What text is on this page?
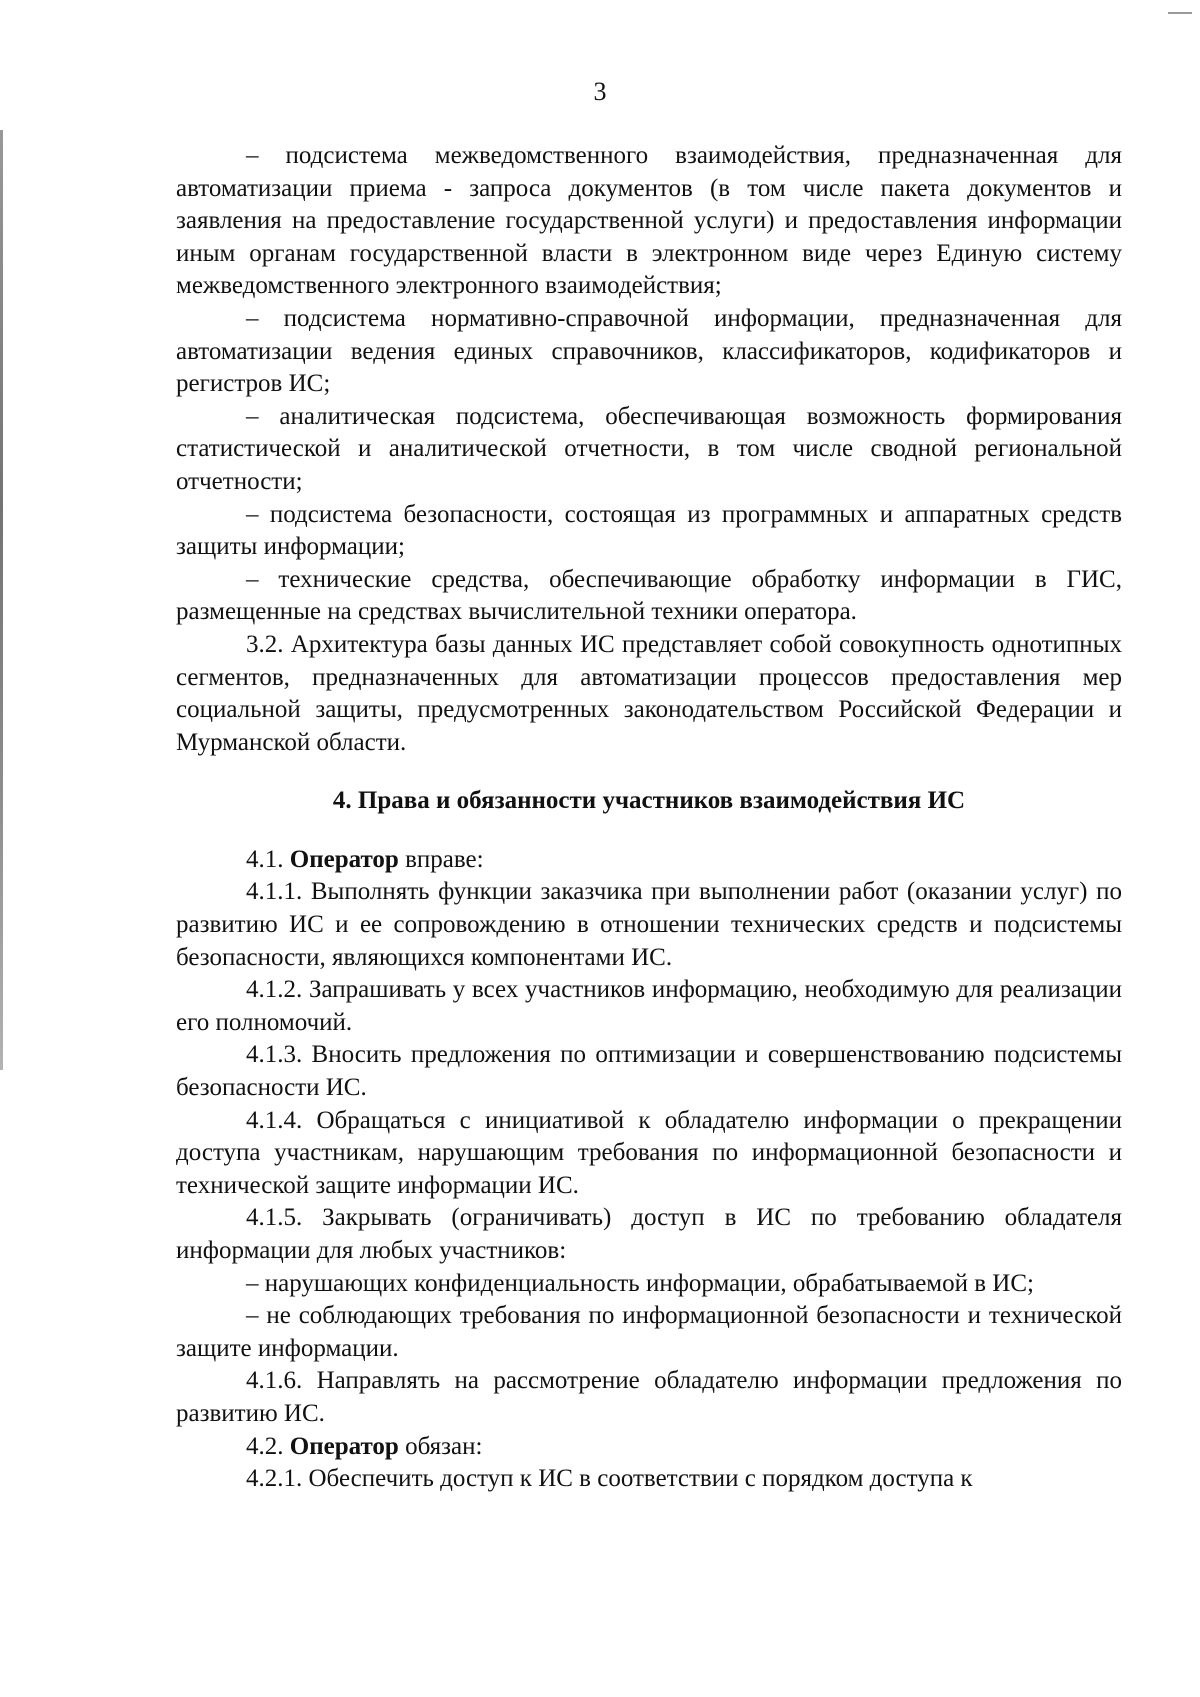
3

– подсистема межведомственного взаимодействия, предназначенная для автоматизации приема - запроса документов (в том числе пакета документов и заявления на предоставление государственной услуги) и предоставления информации иным органам государственной власти в электронном виде через Единую систему межведомственного электронного взаимодействия;

– подсистема нормативно-справочной информации, предназначенная для автоматизации ведения единых справочников, классификаторов, кодификаторов и регистров ИС;

– аналитическая подсистема, обеспечивающая возможность формирования статистической и аналитической отчетности, в том числе сводной региональной отчетности;

– подсистема безопасности, состоящая из программных и аппаратных средств защиты информации;

– технические средства, обеспечивающие обработку информации в ГИС, размещенные на средствах вычислительной техники оператора.

3.2. Архитектура базы данных ИС представляет собой совокупность однотипных сегментов, предназначенных для автоматизации процессов предоставления мер социальной защиты, предусмотренных законодательством Российской Федерации и Мурманской области.

4. Права и обязанности участников взаимодействия ИС

4.1. Оператор вправе:

4.1.1. Выполнять функции заказчика при выполнении работ (оказании услуг) по развитию ИС и ее сопровождению в отношении технических средств и подсистемы безопасности, являющихся компонентами ИС.

4.1.2. Запрашивать у всех участников информацию, необходимую для реализации его полномочий.

4.1.3. Вносить предложения по оптимизации и совершенствованию подсистемы безопасности ИС.

4.1.4. Обращаться с инициативой к обладателю информации о прекращении доступа участникам, нарушающим требования по информационной безопасности и технической защите информации ИС.

4.1.5. Закрывать (ограничивать) доступ в ИС по требованию обладателя информации для любых участников:

– нарушающих конфиденциальность информации, обрабатываемой в ИС;

– не соблюдающих требования по информационной безопасности и технической защите информации.

4.1.6. Направлять на рассмотрение обладателю информации предложения по развитию ИС.

4.2. Оператор обязан:

4.2.1. Обеспечить доступ к ИС в соответствии с порядком доступа к
